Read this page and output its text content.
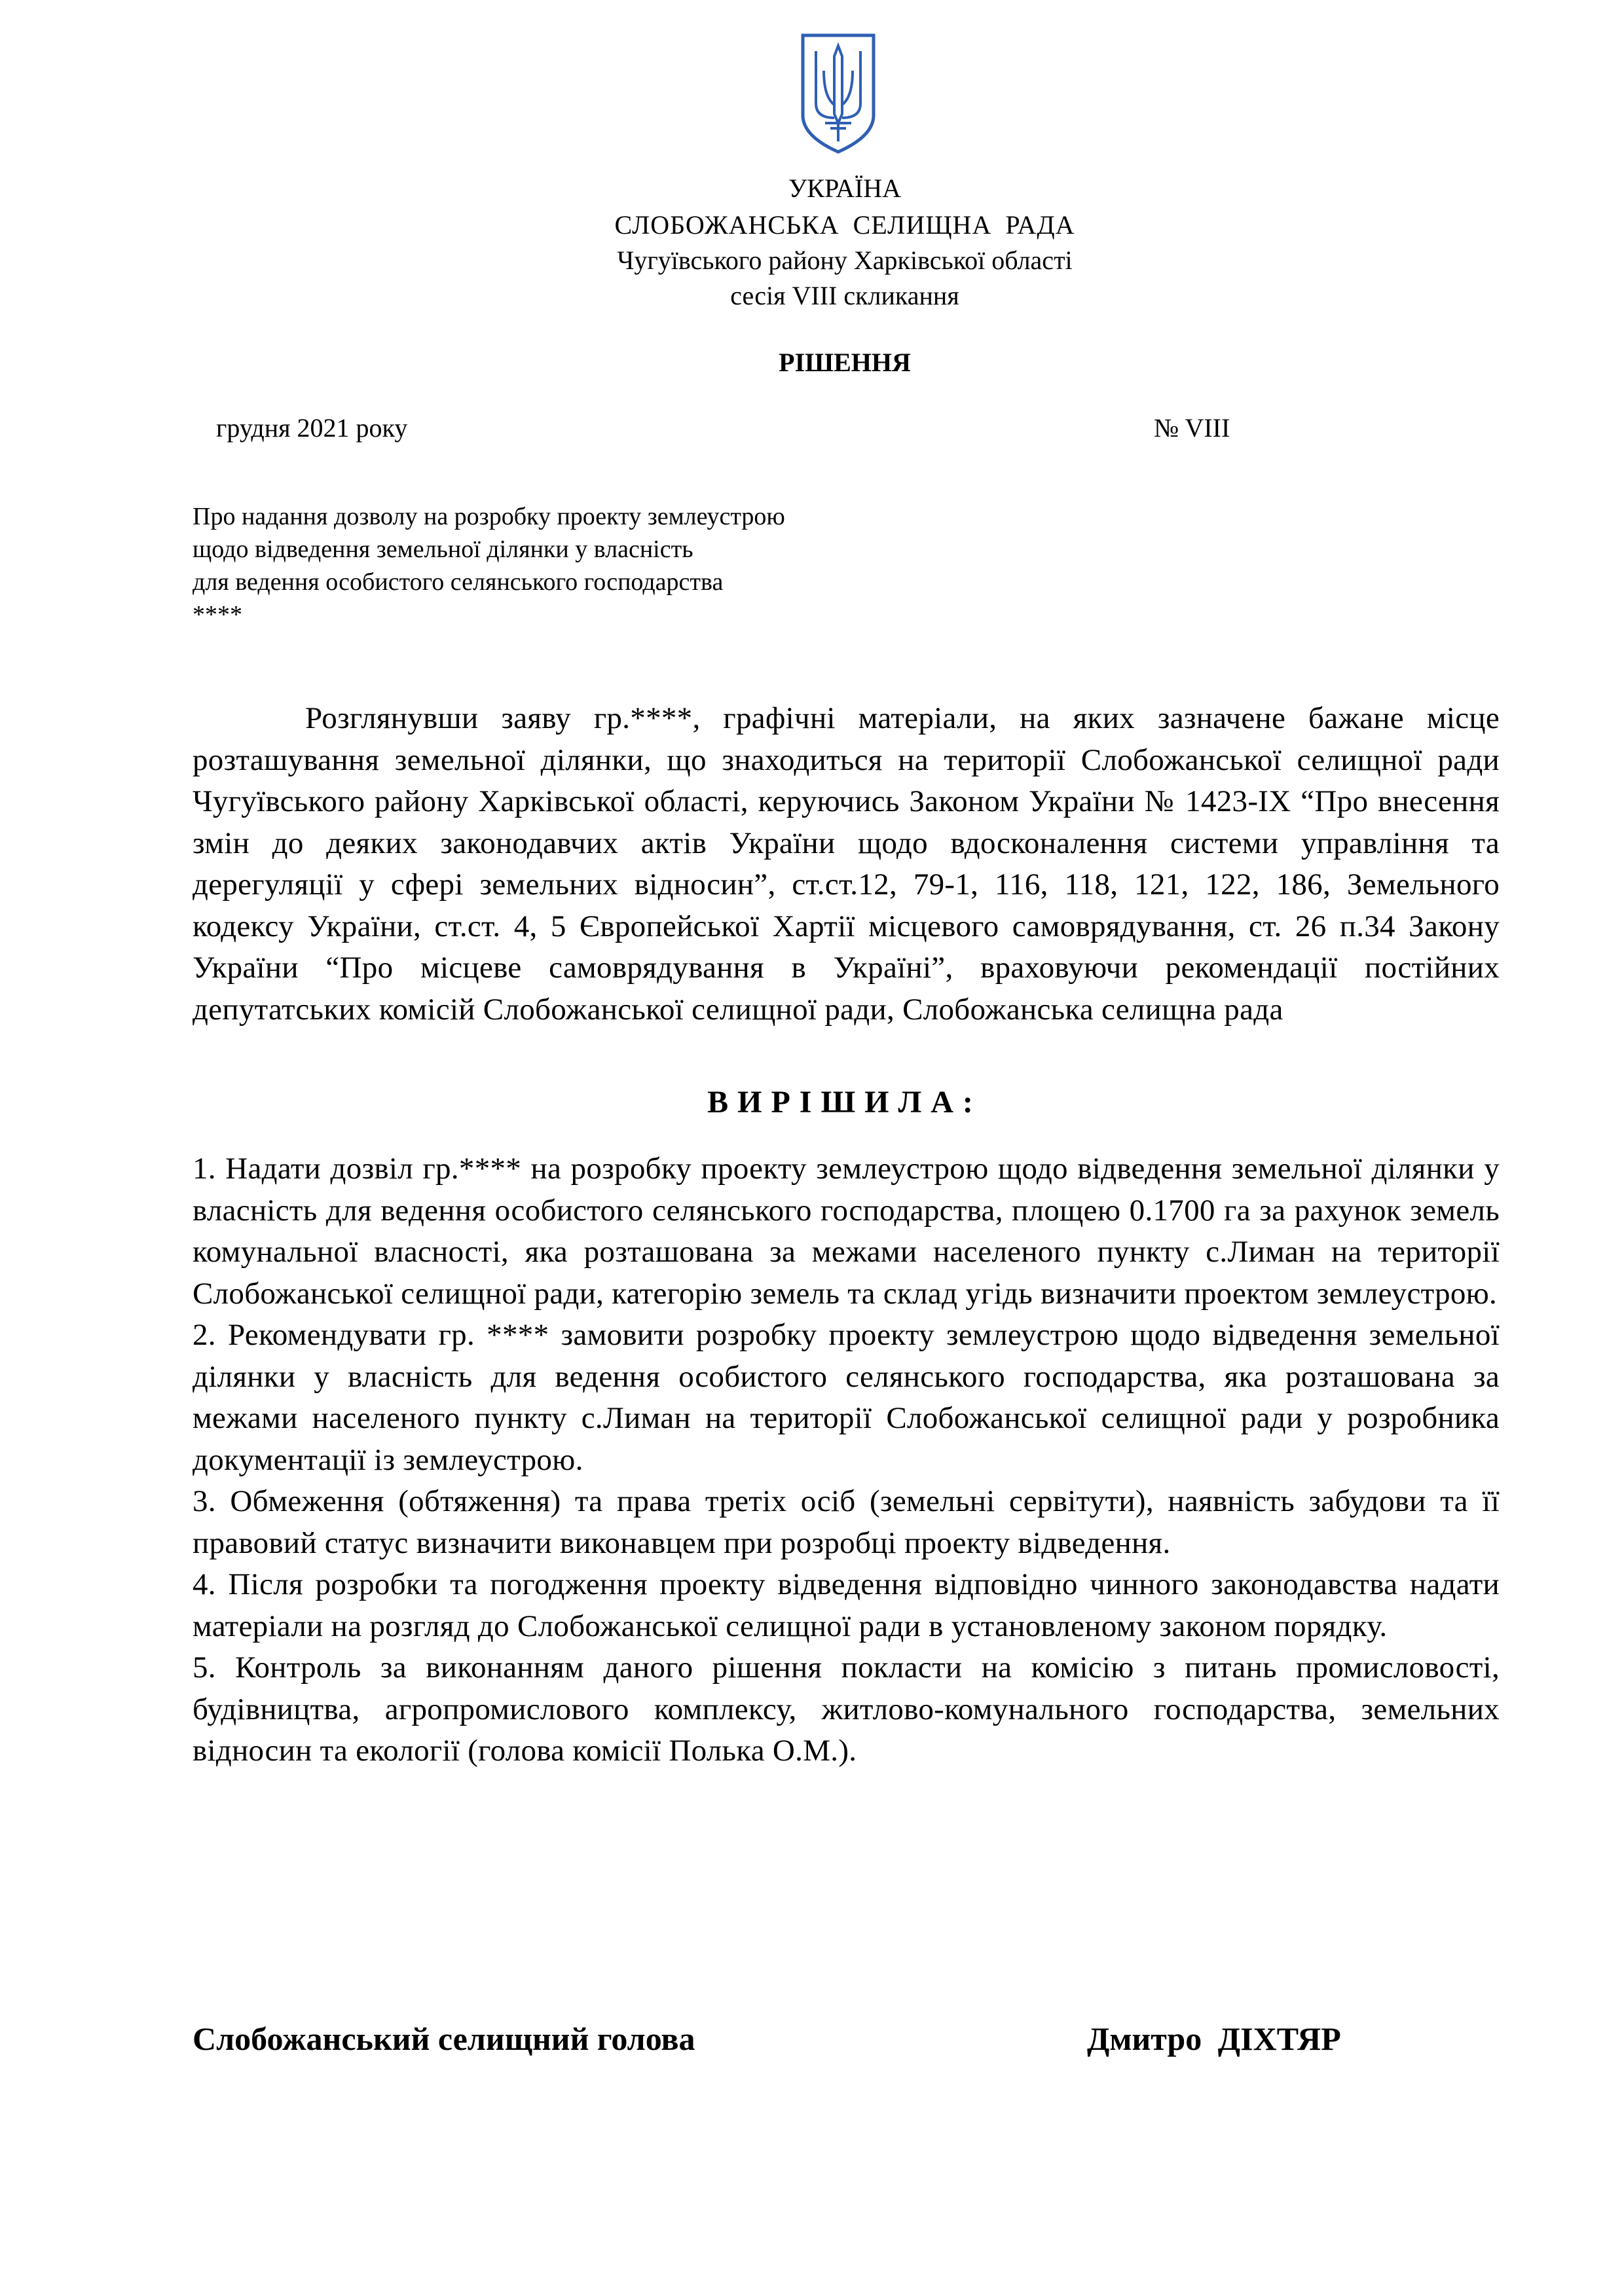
УКРАЇНА
СЛОБОЖАНСЬКА СЕЛИЩНА РАДА
Чугуївського району Харківської області
сесія VIII скликання
РІШЕННЯ
грудня 2021 року	№ VIII
Про надання дозволу на розробку проекту землеустрою
щодо відведення земельної ділянки у власність
для ведення особистого селянського господарства
****
Розглянувши заяву гр.****, графічні матеріали, на яких зазначене бажане місце розташування земельної ділянки, що знаходиться на території Слобожанської селищної ради Чугуївського району Харківської області, керуючись Законом України № 1423-IX “Про внесення змін до деяких законодавчих актів України щодо вдосконалення системи управління та дерегуляції у сфері земельних відносин”, ст.ст.12, 79-1, 116, 118, 121, 122, 186, Земельного кодексу України, ст.ст. 4, 5 Європейської Хартії місцевого самоврядування, ст. 26 п.34 Закону України “Про місцеве самоврядування в Україні”, враховуючи рекомендації постійних депутатських комісій Слобожанської селищної ради, Слобожанська селищна рада
ВИРІШИЛА:
1. Надати дозвіл гр.**** на розробку проекту землеустрою щодо відведення земельної ділянки у власність для ведення особистого селянського господарства, площею 0.1700 га за рахунок земель комунальної власності, яка розташована за межами населеного пункту с.Лиман на території Слобожанської селищної ради, категорію земель та склад угідь визначити проектом землеустрою.
2. Рекомендувати гр. **** замовити розробку проекту землеустрою щодо відведення земельної ділянки у власність для ведення особистого селянського господарства, яка розташована за межами населеного пункту с.Лиман на території Слобожанської селищної ради у розробника документації із землеустрою.
3. Обмеження (обтяження) та права третіх осіб (земельні сервітути), наявність забудови та її правовий статус визначити виконавцем при розробці проекту відведення.
4. Після розробки та погодження проекту відведення відповідно чинного законодавства надати матеріали на розгляд до Слобожанської селищної ради в установленому законом порядку.
5. Контроль за виконанням даного рішення покласти на комісію з питань промисловості, будівництва, агропромислового комплексу, житлово-комунального господарства, земельних відносин та екології (голова комісії Полька О.М.).
Слобожанський селищний голова	Дмитро ДІХТЯР
